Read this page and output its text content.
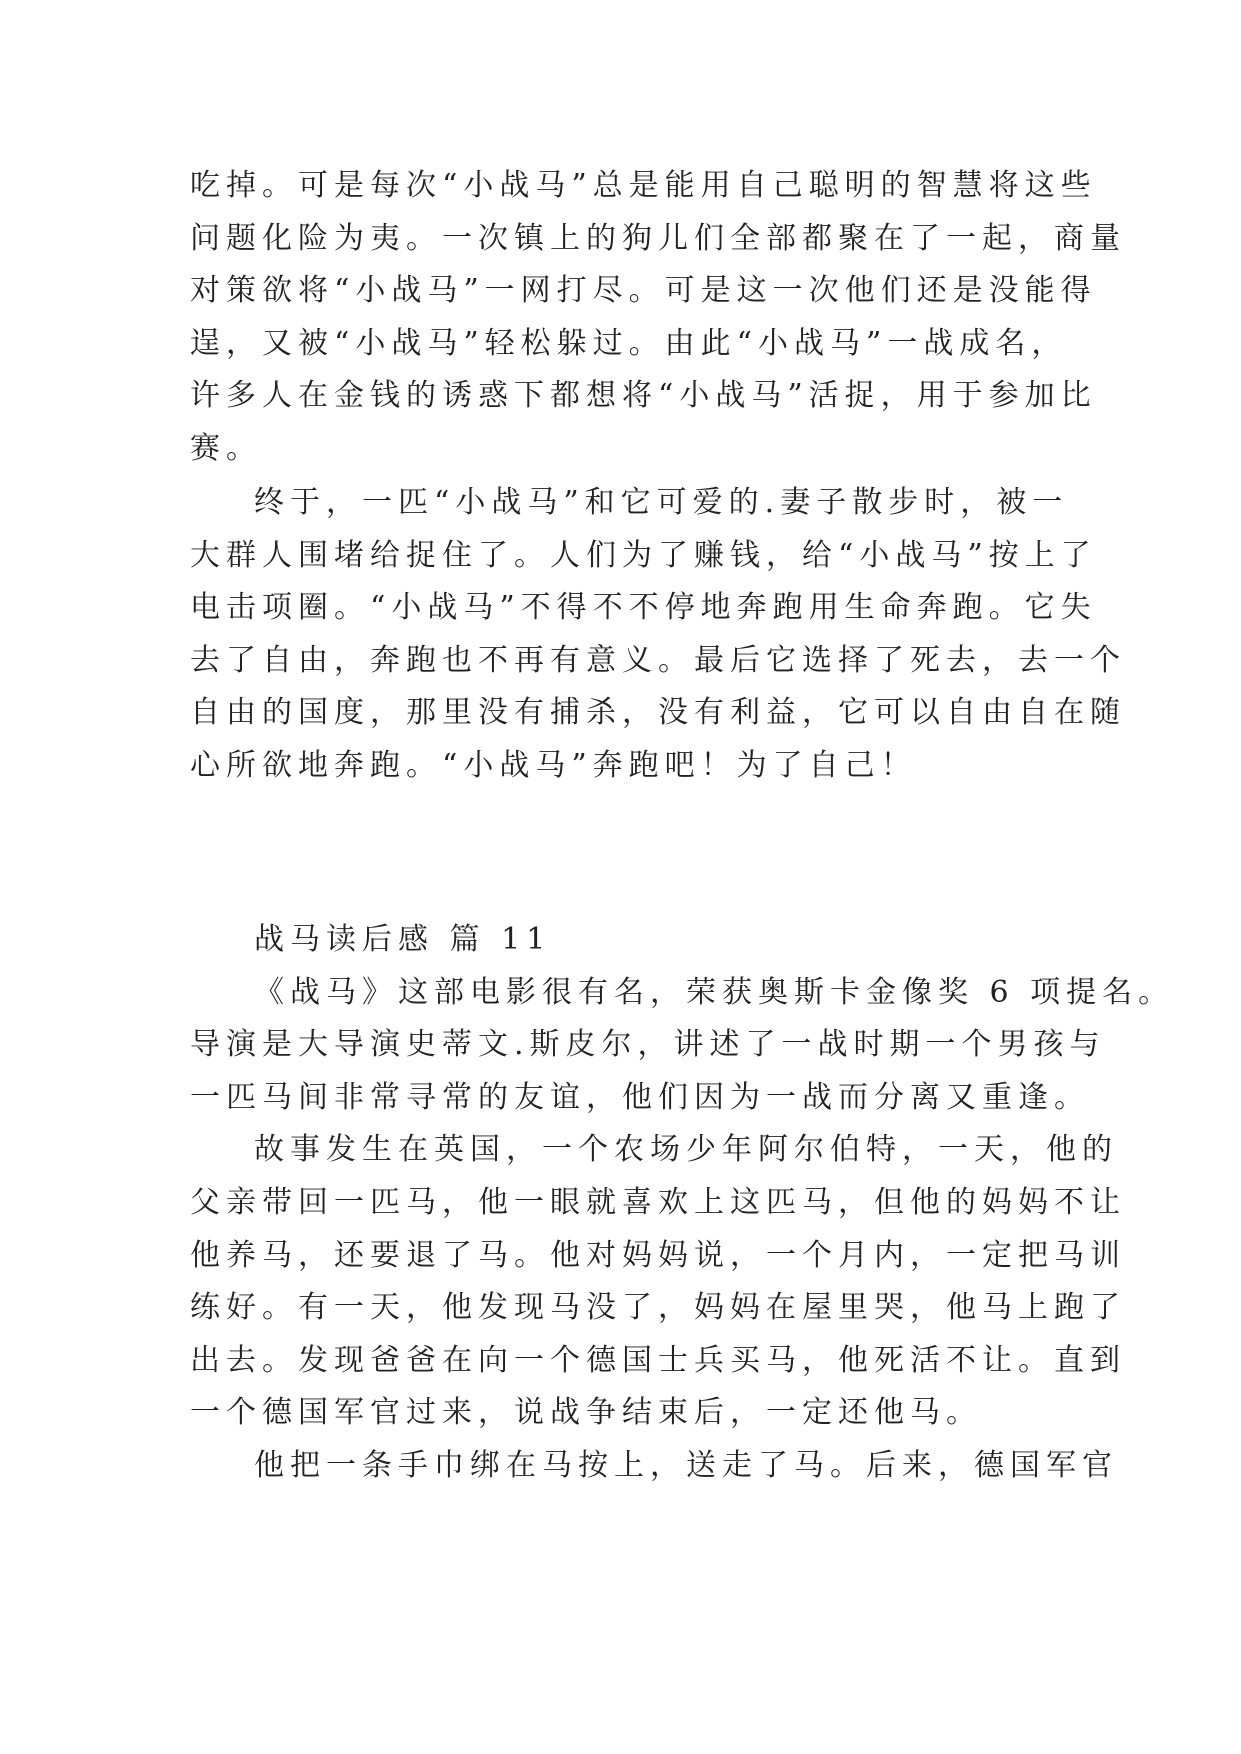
吃掉。可是每次“小战马”总是能用自己聪明的智慧将这些
问题化险为夷。一次镇上的狗儿们全部都聚在了一起，商量
对策欲将“小战马”一网打尽。可是这一次他们还是没能得
逞，又被“小战马”轻松躲过。由此“小战马”一战成名，
许多人在金钱的诱惑下都想将“小战马”活捉，用于参加比
赛。
终于，一匹“小战马”和它可爱的.妻子散步时，被一
大群人围堵给捉住了。人们为了赚钱，给“小战马”按上了
电击项圈。“小战马”不得不不停地奔跑用生命奔跑。它失
去了自由，奔跑也不再有意义。最后它选择了死去，去一个
自由的国度，那里没有捕杀，没有利益，它可以自由自在随
心所欲地奔跑。“小战马”奔跑吧！为了自己！
战马读后感 篇 11
《战马》这部电影很有名，荣获奥斯卡金像奖 6 项提名。
导演是大导演史蒂文.斯皮尔，讲述了一战时期一个男孩与
一匹马间非常寻常的友谊，他们因为一战而分离又重逢。
故事发生在英国，一个农场少年阿尔伯特，一天，他的
父亲带回一匹马，他一眼就喜欢上这匹马，但他的妈妈不让
他养马，还要退了马。他对妈妈说，一个月内，一定把马训
练好。有一天，他发现马没了，妈妈在屋里哭，他马上跑了
出去。发现爸爸在向一个德国士兵买马，他死活不让。直到
一个德国军官过来，说战争结束后，一定还他马。
他把一条手巾绑在马按上，送走了马。后来，德国军官
